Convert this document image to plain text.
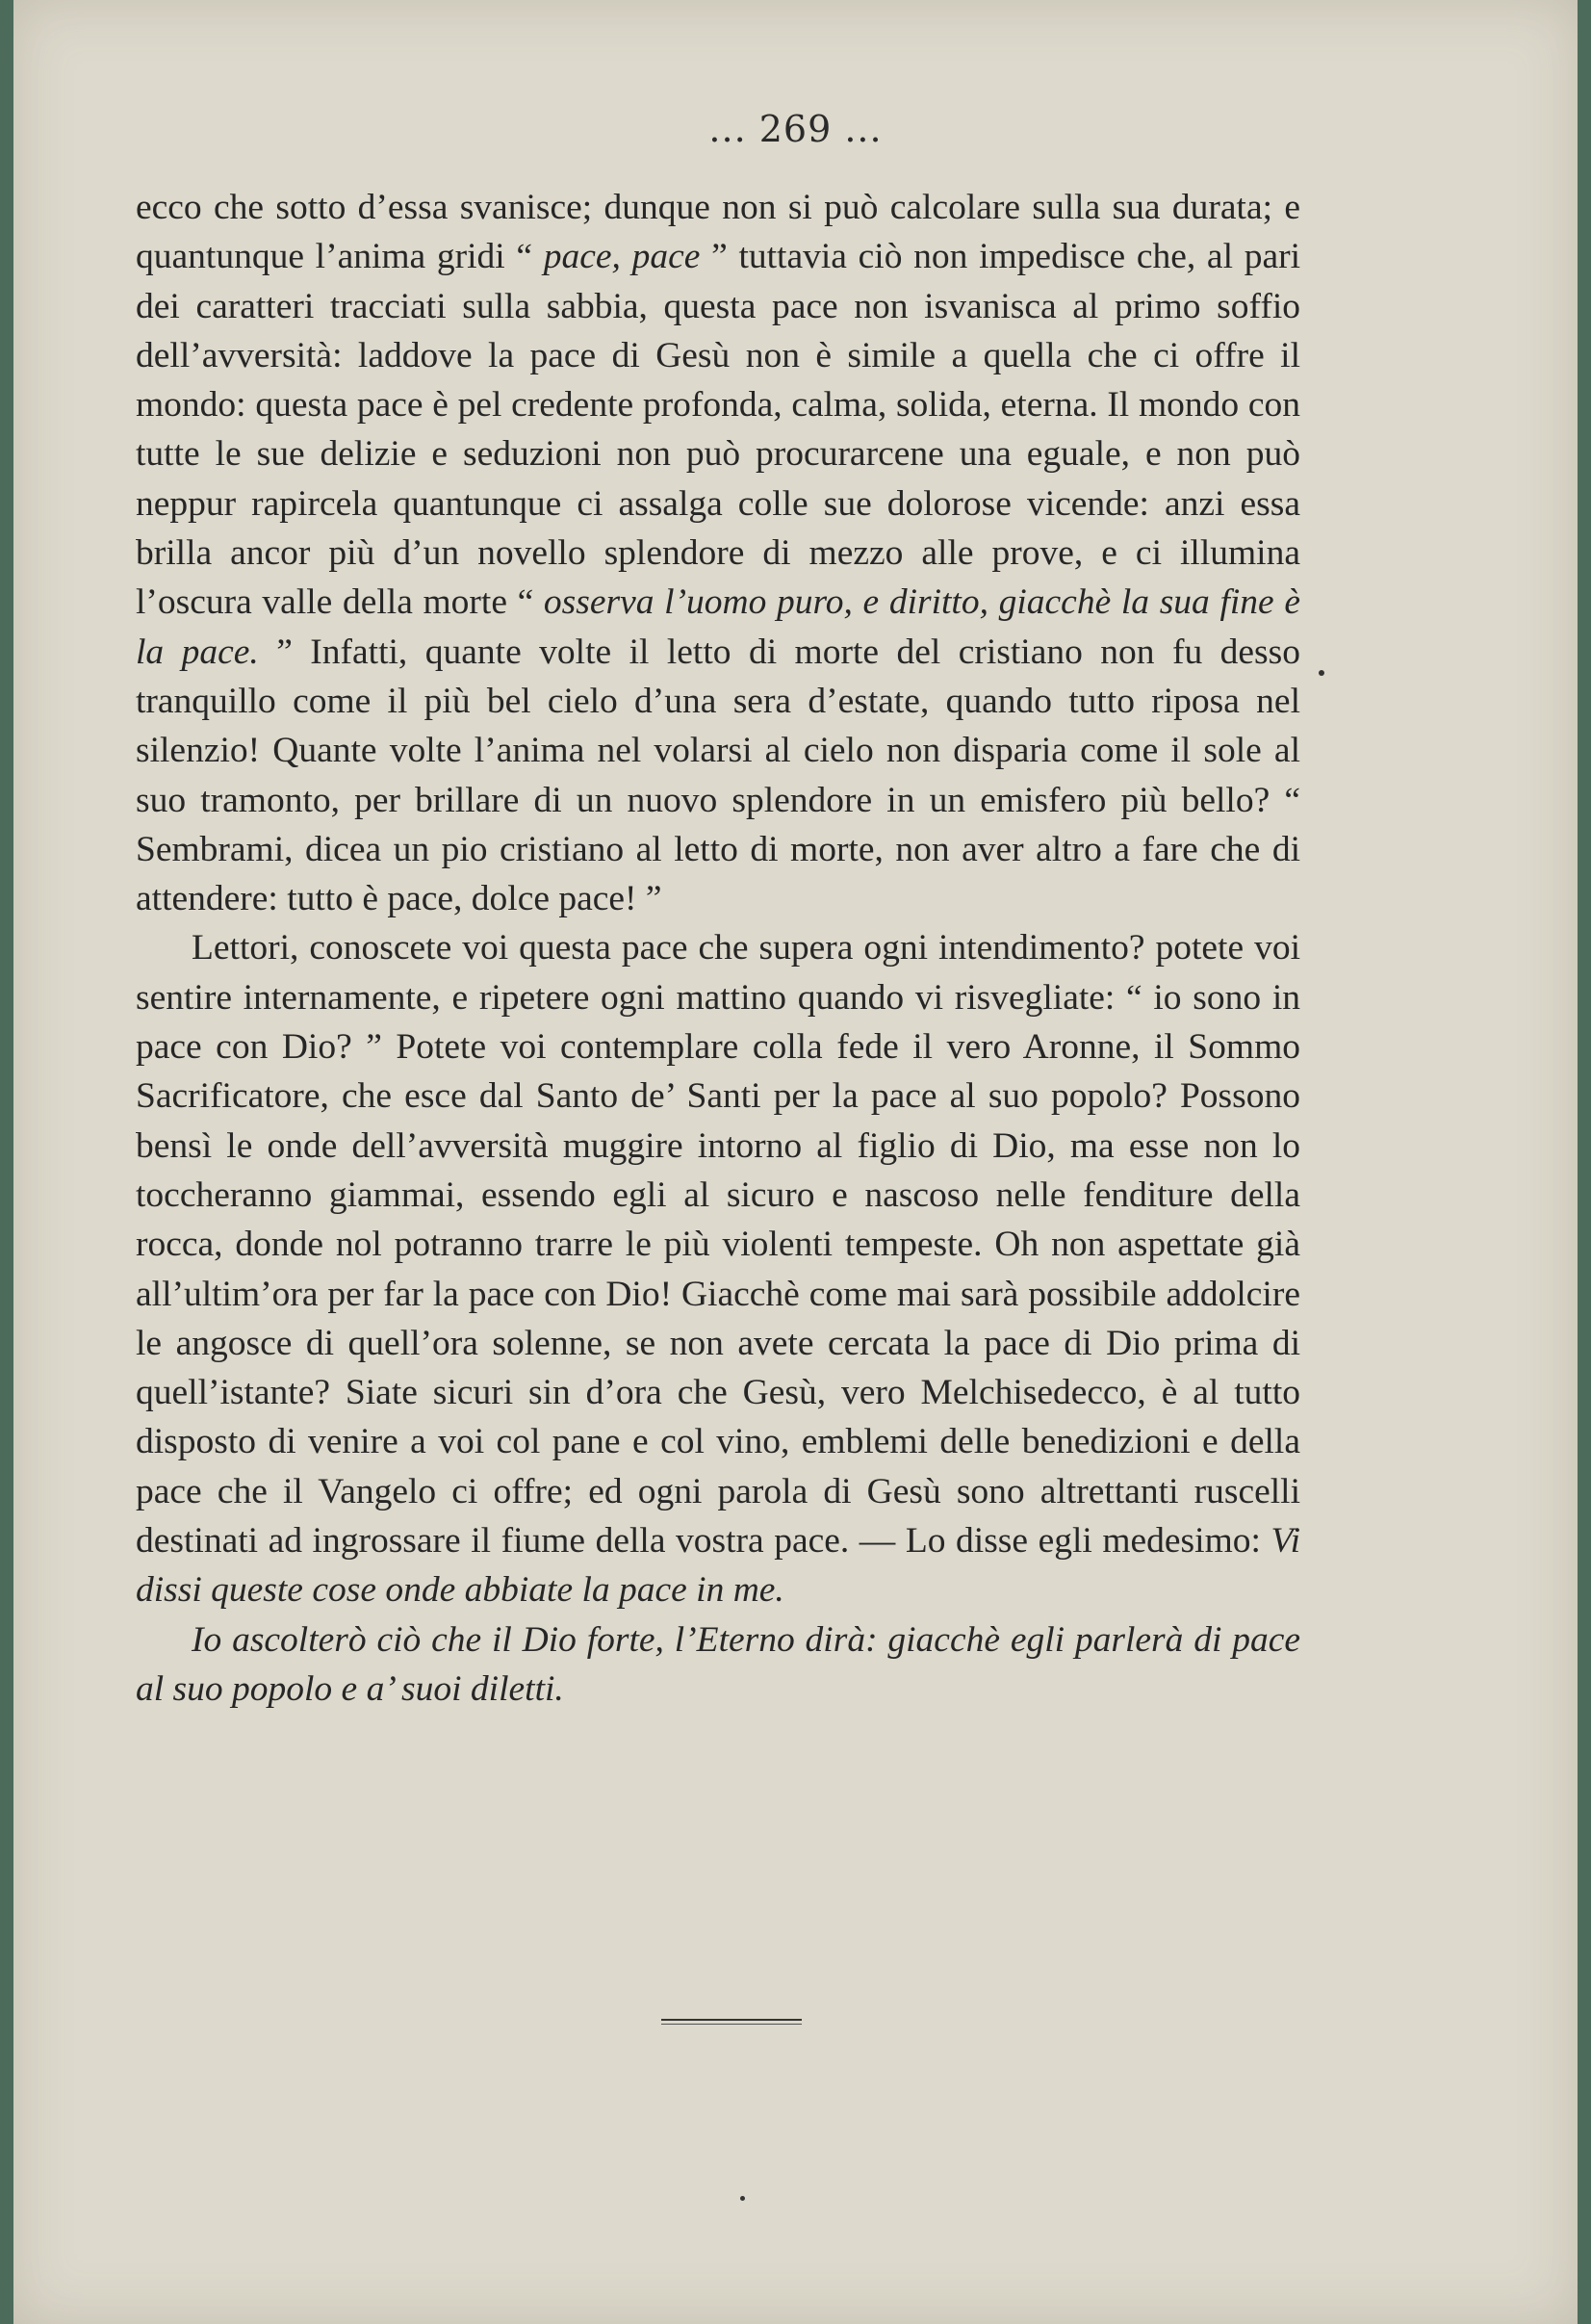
... 269 ...

ecco che sotto d’essa svanisce; dunque non si può calcolare sulla sua durata; e quantunque l’anima gridi “ pace, pace ” tuttavia ciò non impedisce che, al pari dei caratteri tracciati sulla sabbia, questa pace non isvanisca al primo soffio dell’avversità: laddove la pace di Gesù non è simile a quella che ci offre il mondo: questa pace è pel credente profonda, calma, solida, eterna. Il mondo con tutte le sue delizie e seduzioni non può procurarcene una eguale, e non può neppur rapircela quantunque ci assalga colle sue dolorose vicende: anzi essa brilla ancor più d’un novello splendore di mezzo alle prove, e ci illumina l’oscura valle della morte “ osserva l’uomo puro, e diritto, giacchè la sua fine è la pace. ” Infatti, quante volte il letto di morte del cristiano non fu desso tranquillo come il più bel cielo d’una sera d’estate, quando tutto riposa nel silenzio! Quante volte l’anima nel volarsi al cielo non disparia come il sole al suo tramonto, per brillare di un nuovo splendore in un emisfero più bello? “ Sembrami, dicea un pio cristiano al letto di morte, non aver altro a fare che di attendere: tutto è pace, dolce pace! ”

Lettori, conoscete voi questa pace che supera ogni intendimento? potete voi sentire internamente, e ripetere ogni mattino quando vi risvegliate: “ io sono in pace con Dio? ” Potete voi contemplare colla fede il vero Aronne, il Sommo Sacrificatore, che esce dal Santo de’ Santi per la pace al suo popolo? Possono bensì le onde dell’avversità muggire intorno al figlio di Dio, ma esse non lo toccheranno giammai, essendo egli al sicuro e nascoso nelle fenditure della rocca, donde nol potranno trarre le più violenti tempeste. Oh non aspettate già all’ultim’ora per far la pace con Dio! Giacchè come mai sarà possibile addolcire le angosce di quell’ora solenne, se non avete cercata la pace di Dio prima di quell’istante? Siate sicuri sin d’ora che Gesù, vero Melchisedecco, è al tutto disposto di venire a voi col pane e col vino, emblemi delle benedizioni e della pace che il Vangelo ci offre; ed ogni parola di Gesù sono altrettanti ruscelli destinati ad ingrossare il fiume della vostra pace. — Lo disse egli medesimo: Vi dissi queste cose onde abbiate la pace in me.

Io ascolterò ciò che il Dio forte, l’Eterno dirà: giacchè egli parlerà di pace al suo popolo e a’ suoi diletti.
